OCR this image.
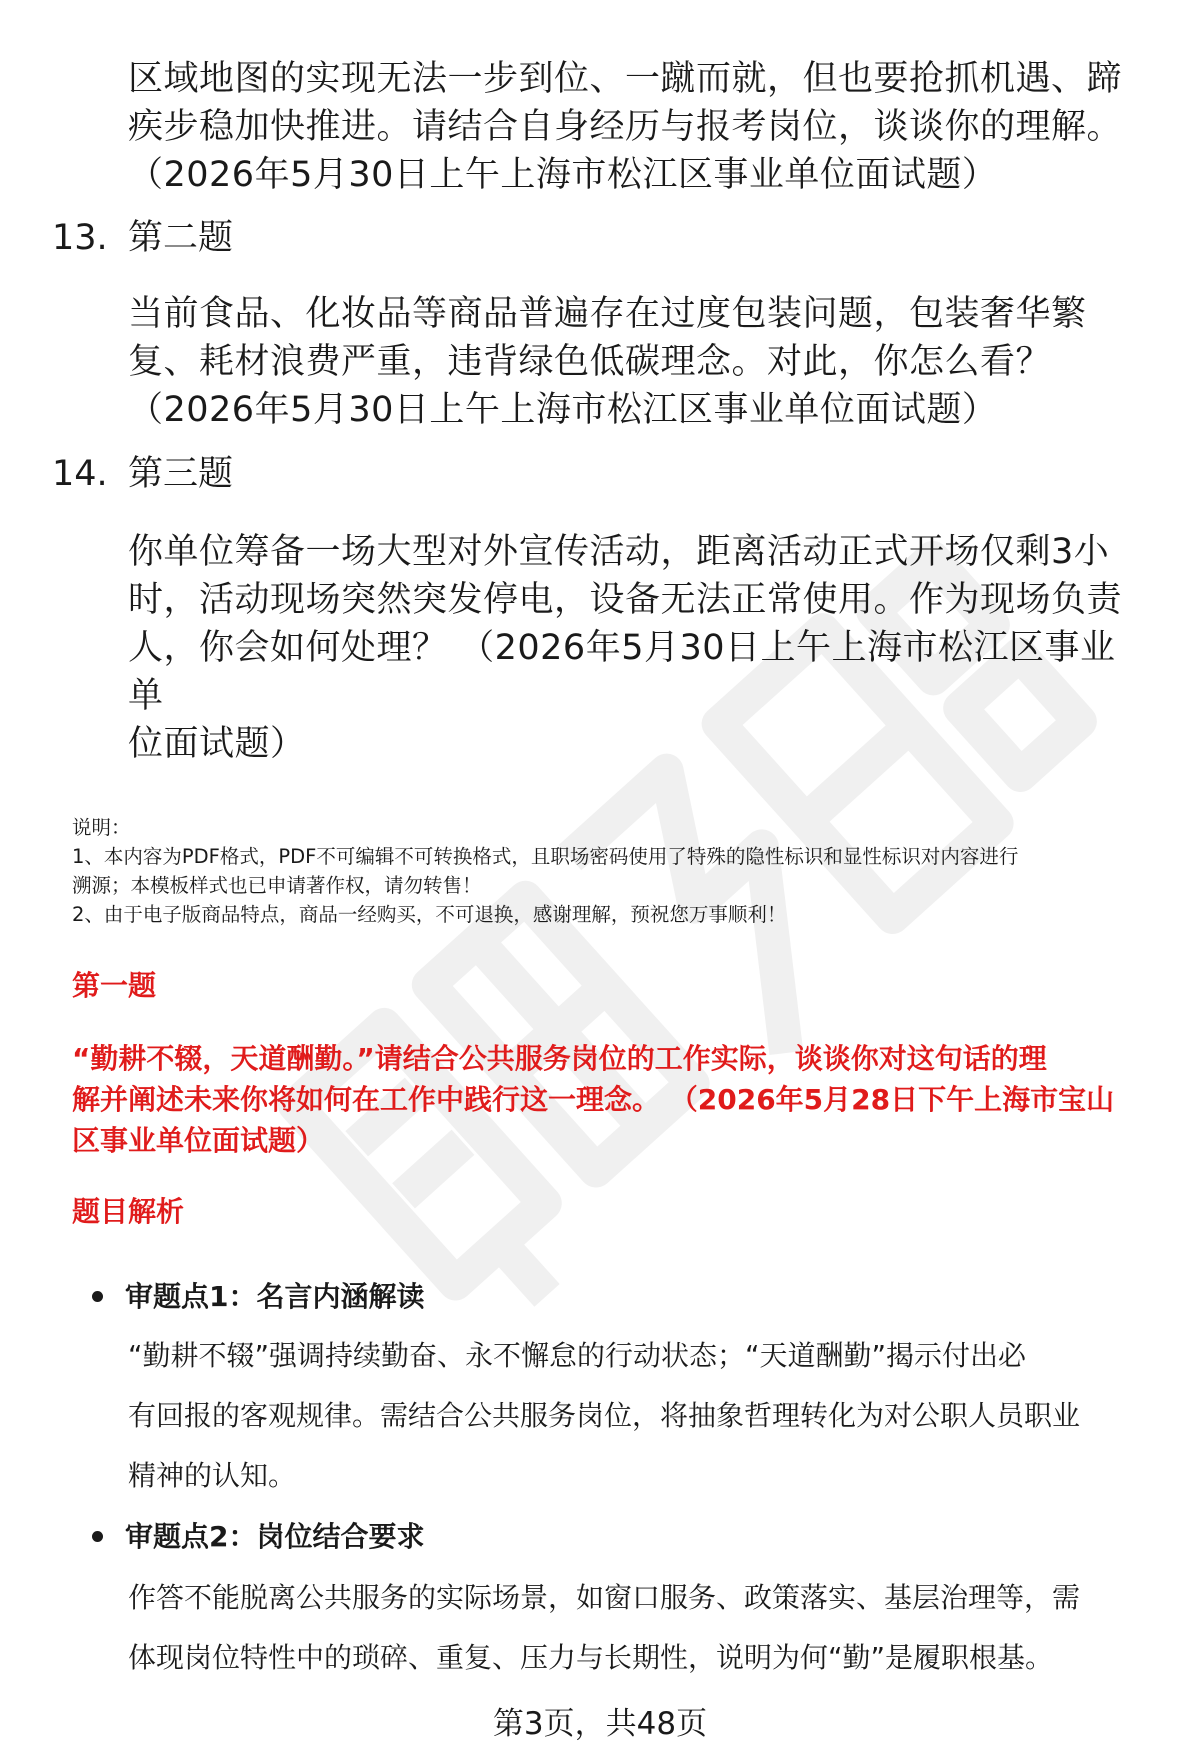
区域地图的实现无法一步到位、一蹴而就，但也要抢抓机遇、蹄
疾步稳加快推进。请结合自身经历与报考岗位，谈谈你的理解。
（2026年5月30日上午上海市松江区事业单位面试题）
13. 第二题
当前食品、化妆品等商品普遍存在过度包装问题，包装奢华繁
复、耗材浪费严重，违背绿色低碳理念。对此，你怎么看？
（2026年5月30日上午上海市松江区事业单位面试题）
14. 第三题
你单位筹备一场大型对外宣传活动，距离活动正式开场仅剩3小
时，活动现场突然突发停电，设备无法正常使用。作为现场负责
人，你会如何处理？ （2026年5月30日上午上海市松江区事业单
位面试题）
说明：
1、本内容为PDF格式，PDF不可编辑不可转换格式，且职场密码使用了特殊的隐性标识和显性标识对内容进行
溯源；本模板样式也已申请著作权，请勿转售！
2、由于电子版商品特点，商品一经购买，不可退换，感谢理解，预祝您万事顺利！
第一题
“勤耕不辍，天道酬勤。”请结合公共服务岗位的工作实际，谈谈你对这句话的理
解并阐述未来你将如何在工作中践行这一理念。 （2026年5月28日下午上海市宝山
区事业单位面试题）
题目解析
审题点1：名言内涵解读
“勤耕不辍”强调持续勤奋、永不懈怠的行动状态；“天道酬勤”揭示付出必
有回报的客观规律。需结合公共服务岗位，将抽象哲理转化为对公职人员职业
精神的认知。
审题点2：岗位结合要求
作答不能脱离公共服务的实际场景，如窗口服务、政策落实、基层治理等，需
体现岗位特性中的琐碎、重复、压力与长期性，说明为何“勤”是履职根基。
第3页，共48页
